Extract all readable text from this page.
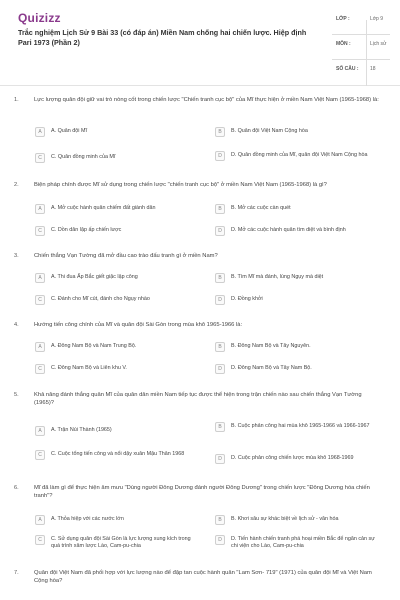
Quizizz
Trắc nghiệm Lịch Sử 9 Bài 33 (có đáp án) Miền Nam chống hai chiến lược. Hiệp định Pari 1973 (Phần 2)
LỚP :	Lớp 9
MÔN :	Lịch sử
SỐ CÂU : 18
1.	Lực lượng quân đội giữ vai trò nòng cốt trong chiến lược "Chiến tranh cục bộ" của Mĩ thực hiện ở miền Nam Việt Nam (1965-1968) là:
A	A. Quân đội Mĩ	B	B. Quân đội Việt Nam Cộng hòa
C	C. Quân đồng minh của Mĩ	D	D. Quân đồng minh của Mĩ, quân đội Việt Nam Cộng hòa
2.	Biện pháp chính được Mĩ sử dụng trong chiến lược "chiến tranh cục bộ" ở miền Nam Việt Nam (1965-1968) là gì?
A	A. Mở cuộc hành quân chiếm đất giành dân	B	B. Mở các cuộc càn quét
C	C. Dồn dân lập ấp chiến lược	D	D. Mở các cuộc hành quân tìm diệt và bình định
3.	Chiến thắng Vạn Tường đã mở đầu cao trào đấu tranh gì ở miền Nam?
A	A. Thi đua Ấp Bắc giết giặc lập công	B	B. Tìm Mĩ mà đánh, lùng Ngụy mà diệt
C	C. Đánh cho Mĩ cút, đánh cho Ngụy nhào	D	D. Đồng khởi
4.	Hướng tiến công chính của Mĩ và quân đội Sài Gòn trong mùa khô 1965-1966 là:
A	A. Đông Nam Bộ và Nam Trung Bộ.	B	B. Đông Nam Bộ và Tây Nguyên.
C	C. Đông Nam Bộ và Liên khu V.	D	D. Đông Nam Bộ và Tây Nam Bộ.
5.	Khả năng đánh thắng quân Mĩ của quân dân miền Nam tiếp tục được thể hiện trong trận chiến nào sau chiến thắng Vạn Tường (1965)?
A	A. Trận Núi Thành (1965)	B	B. Cuộc phản công hai mùa khô 1965-1966 và 1966-1967
C	C. Cuộc tổng tiến công và nổi dậy xuân Mậu Thân 1968
D	D. Cuộc phản công chiến lược mùa khô 1968-1969
6.	Mĩ đã làm gì để thực hiện âm mưu "Dùng người Đông Dương đánh người Đông Dương" trong chiến lược "Đông Dương hóa chiến tranh"?
A	A. Thỏa hiệp với các nước lớn	B	B. Khơi sâu sự khác biệt về lịch sử - văn hóa
C	C. Sử dụng quân đội Sài Gòn là lực lượng xung kích trong quá trình xâm lược Lào, Cam-pu-chia
D	D. Tiến hành chiến tranh phá hoại miền Bắc để ngăn cản sự chi viện cho Lào, Cam-pu-chia
7.	Quân đội Việt Nam đã phối hợp với lực lượng nào để đập tan cuộc hành quân "Lam Sơn- 719" (1971) của quân đội Mĩ và Việt Nam Cộng hòa?
